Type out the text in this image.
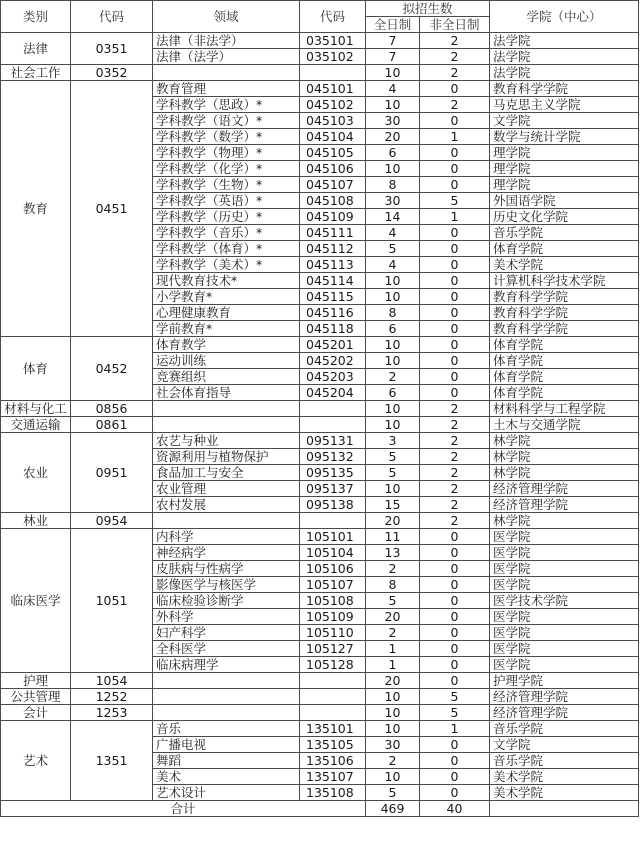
类别	代码	领域	代码	拟招生数		学院（中心）
				全日制	非全日制	
法律	0351	法律（非法学）	035101	7	2	法学院
		法律（法学）	035102	7	2	法学院
社会工作	0352			10	2	法学院
教育	0451	教育管理	045101	4	0	教育科学学院
		学科教学（思政）*	045102	10	2	马克思主义学院
		学科教学（语文）*	045103	30	0	文学院
		学科教学（数学）*	045104	20	1	数学与统计学院
		学科教学（物理）*	045105	6	0	理学院
		学科教学（化学）*	045106	10	0	理学院
		学科教学（生物）*	045107	8	0	理学院
		学科教学（英语）*	045108	30	5	外国语学院
		学科教学（历史）*	045109	14	1	历史文化学院
		学科教学（音乐）*	045111	4	0	音乐学院
		学科教学（体育）*	045112	5	0	体育学院
		学科教学（美术）*	045113	4	0	美术学院
		现代教育技术*	045114	10	0	计算机科学技术学院
		小学教育*	045115	10	0	教育科学学院
		心理健康教育	045116	8	0	教育科学学院
		学前教育*	045118	6	0	教育科学学院
体育	0452	体育教学	045201	10	0	体育学院
		运动训练	045202	10	0	体育学院
		竞赛组织	045203	2	0	体育学院
		社会体育指导	045204	6	0	体育学院
材料与化工	0856			10	2	材料科学与工程学院
交通运输	0861			10	2	土木与交通学院
农业	0951	农艺与种业	095131	3	2	林学院
		资源利用与植物保护	095132	5	2	林学院
		食品加工与安全	095135	5	2	林学院
		农业管理	095137	10	2	经济管理学院
		农村发展	095138	15	2	经济管理学院
林业	0954			20	2	林学院
临床医学	1051	内科学	105101	11	0	医学院
		神经病学	105104	13	0	医学院
		皮肤病与性病学	105106	2	0	医学院
		影像医学与核医学	105107	8	0	医学院
		临床检验诊断学	105108	5	0	医学技术学院
		外科学	105109	20	0	医学院
		妇产科学	105110	2	0	医学院
		全科医学	105127	1	0	医学院
		临床病理学	105128	1	0	医学院
护理	1054			20	0	护理学院
公共管理	1252			10	5	经济管理学院
会计	1253			10	5	经济管理学院
艺术	1351	音乐	135101	10	1	音乐学院
		广播电视	135105	30	0	文学院
		舞蹈	135106	2	0	音乐学院
		美术	135107	10	0	美术学院
		艺术设计	135108	5	0	美术学院
合计				469	40	
